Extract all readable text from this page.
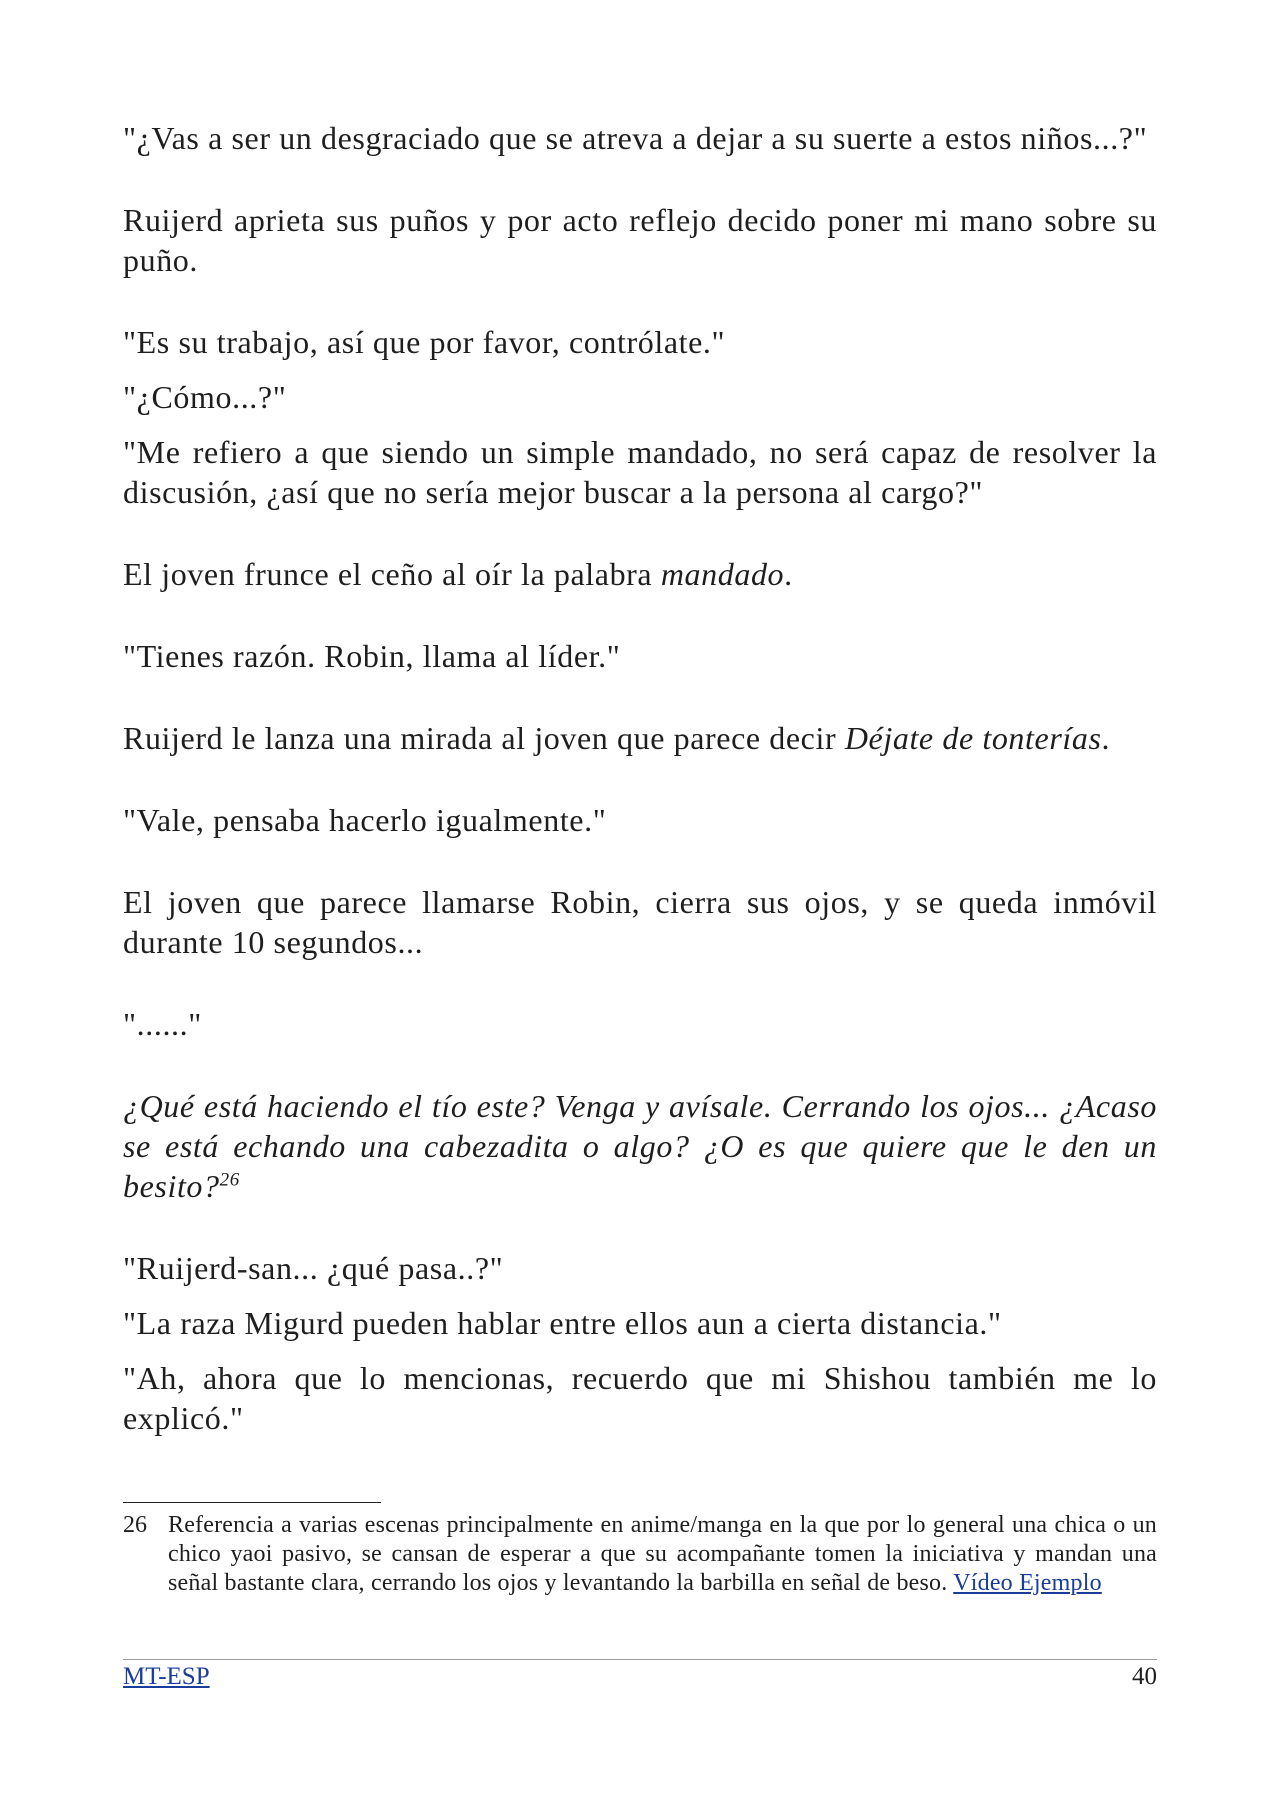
"¿Vas a ser un desgraciado que se atreva a dejar a su suerte a estos niños...?"

Ruijerd aprieta sus puños y por acto reflejo decido poner mi mano sobre su puño.

"Es su trabajo, así que por favor, contrólate."

"¿Cómo...?"

"Me refiero a que siendo un simple mandado, no será capaz de resolver la discusión, ¿así que no sería mejor buscar a la persona al cargo?"

El joven frunce el ceño al oír la palabra mandado.

"Tienes razón. Robin, llama al líder."

Ruijerd le lanza una mirada al joven que parece decir Déjate de tonterías.

"Vale, pensaba hacerlo igualmente."

El joven que parece llamarse Robin, cierra sus ojos, y se queda inmóvil durante 10 segundos...

"......"

¿Qué está haciendo el tío este? Venga y avísale. Cerrando los ojos... ¿Acaso se está echando una cabezadita o algo? ¿O es que quiere que le den un besito?$^{26}$

"Ruijerd-san... ¿qué pasa..?"

"La raza Migurd pueden hablar entre ellos aun a cierta distancia."

"Ah, ahora que lo mencionas, recuerdo que mi Shishou también me lo explicó."

26 Referencia a varias escenas principalmente en anime/manga en la que por lo general una chica o un chico yaoi pasivo, se cansan de esperar a que su acompañante tomen la iniciativa y mandan una señal bastante clara, cerrando los ojos y levantando la barbilla en señal de beso. Vídeo Ejemplo
MT-ESP	40
